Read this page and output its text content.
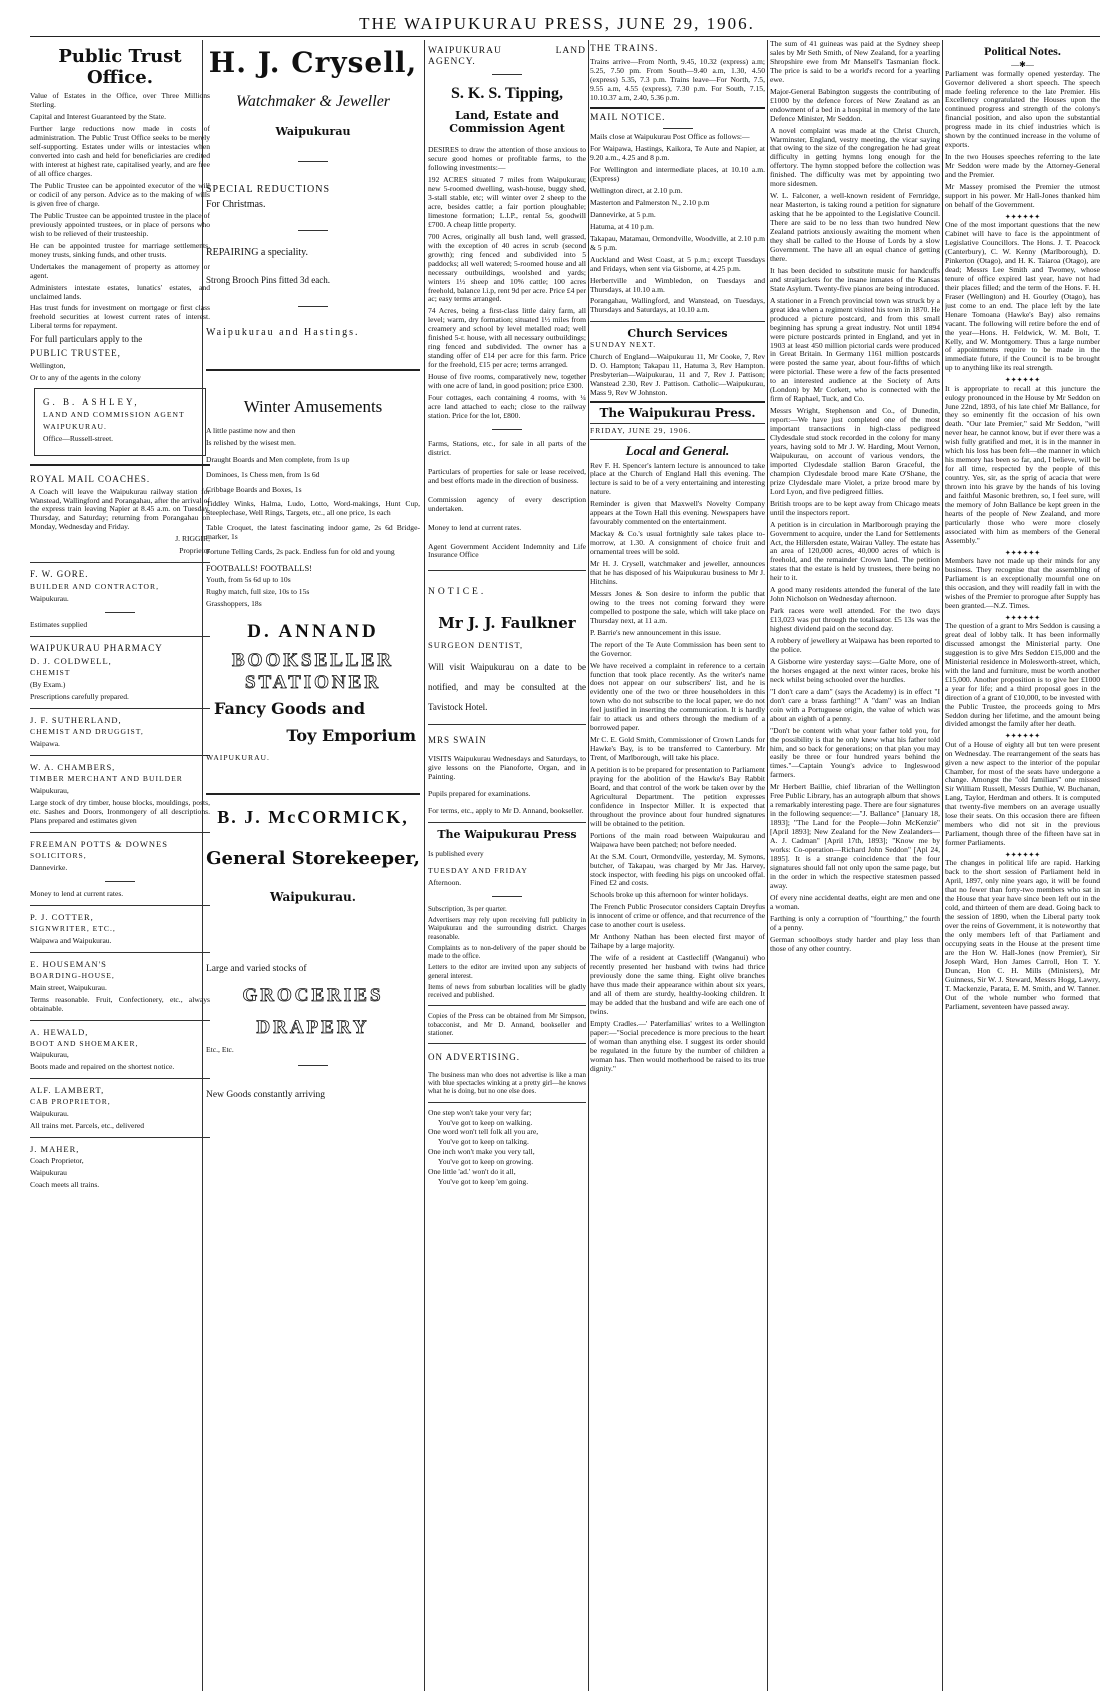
THE WAIPUKURAU PRESS, JUNE 29, 1906.
Public Trust Office.

Value of Estates in the Office, over Three Millions Sterling.

Capital and Interest Guaranteed by the State.

Further large reductions now made in costs of administration. The Public Trust Office seeks to be merely self-supporting. Estates under wills or intestacies when converted into cash and held for beneficiaries are credited with interest at highest rate, capitalised yearly, and are free of all office charges.

The Public Trustee can be appointed executor of the will or codicil of any person. Advice as to the making of wills is given free of charge.

The Public Trustee can be appointed trustee in the place of previously appointed trustees, or in place of persons who wish to be relieved of their trusteeship.

He can be appointed trustee for marriage settlements, money trusts, sinking funds, and other trusts.

Undertakes the management of property as attorney or agent.

Administers intestate estates, lunatics' estates, and unclaimed lands.

Has trust funds for investment on mortgage or first class freehold securities at lowest current rates of interest. Liberal terms for repayment.

For full particulars apply to the

PUBLIC TRUSTEE,

Wellington,

Or to any of the agents in the colony

G. B. ASHLEY,

LAND AND COMMISSION AGENT

WAIPUKURAU.

Office—Russell-street.

ROYAL MAIL COACHES.

A Coach will leave the Waipukurau railway station for Wanstead, Wallingford and Porangahau, after the arrival of the express train leaving Napier at 8.45 a.m. on Tuesday, Thursday, and Saturday; returning from Porangahau on Monday, Wednesday and Friday.

J. RIGGIR,

Proprietor

F. W. GORE.

BUILDER AND CONTRACTOR,

Waipukurau.

Estimates supplied

WAIPUKURAU PHARMACY

D. J. COLDWELL,

CHEMIST

(By Exam.)

Prescriptions carefully prepared.

J. F. SUTHERLAND,

CHEMIST AND DRUGGIST,

Waipawa.

W. A. CHAMBERS,

TIMBER MERCHANT AND BUILDER

Waipukurau,

Large stock of dry timber, house blocks, mouldings, posts, etc. Sashes and Doors, Ironmongery of all descriptions. Plans prepared and estimates given

FREEMAN POTTS & DOWNES

SOLICITORS,

Dannevirke.

Money to lend at current rates.

P. J. COTTER,

SIGNWRITER, ETC.,

Waipawa and Waipukurau.

E. HOUSEMAN'S

BOARDING-HOUSE,

Main street, Waipukurau.

Terms reasonable. Fruit, Confectionery, etc., always obtainable.

A. HEWALD,

BOOT AND SHOEMAKER,

Waipukurau,

Boots made and repaired on the shortest notice.

ALF. LAMBERT,

CAB PROPRIETOR,

Waipukurau.

All trains met. Parcels, etc., delivered

J. MAHER,

Coach Proprietor,

Waipukurau

Coach meets all trains.

H. J. Crysell,
Watchmaker & Jeweller
Waipukurau

SPECIAL REDUCTIONS

For Christmas.

REPAIRING a speciality.

Strong Brooch Pins fitted 3d each.

Waipukurau and Hastings.

Winter Amusements

A little pastime now and then

Is relished by the wisest men.

Draught Boards and Men complete, from 1s up

Dominoes, 1s Chess men, from 1s 6d

Cribbage Boards and Boxes, 1s

Tiddley Winks, Halma, Ludo, Lotto, Word-makings, Hunt Cup, Steeplechase, Well Rings, Targets, etc., all one price, 1s each

Table Croquet, the latest fascinating indoor game, 2s 6d Bridge-marker, 1s

Fortune Telling Cards, 2s pack. Endless fun for old and young

FOOTBALLS! FOOTBALLS!

Youth, from 5s 6d up to 10s

Rugby match, full size, 10s to 15s

Grasshoppers, 18s

D. ANNAND
BOOKSELLER
STATIONER
Fancy Goods and
Toy Emporium

WAIPUKURAU.

B. J. McCORMICK,
General Storekeeper,
Waipukurau.

Large and varied stocks of

GROCERIES
DRAPERY

Etc., Etc.

New Goods constantly arriving

WAIPUKURAU LAND AGENCY.

S. K. S. Tipping,
Land, Estate and Commission Agent

DESIRES to draw the attention of those anxious to secure good homes or profitable farms, to the following investments:—

192 ACRES situated 7 miles from Waipukurau; new 5-roomed dwelling, wash-house, buggy shed, 3-stall stable, etc; will winter over 2 sheep to the acre, besides cattle; a fair portion ploughable; limestone formation; L.I.P., rental 5s, goodwill £700. A cheap little property.

700 Acres, originally all bush land, well grassed, with the exception of 40 acres in scrub (second growth); ring fenced and subdivided into 5 paddocks; all well watered; 5-roomed house and all necessary outbuildings, woolshed and yards; winters 1½ sheep and 10% cattle; 100 acres freehold, balance l.i.p, rent 9d per acre. Price £4 per ac; easy terms arranged.

74 Acres, being a first-class little dairy farm, all level; warm, dry formation; situated 1½ miles from creamery and school by level metalled road; well finished 5-r. house, with all necessary outbuildings; ring fenced and subdivided. The owner has a standing offer of £14 per acre for this farm. Price for the freehold, £15 per acre; terms arranged.

House of five rooms, comparatively new, together with one acre of land, in good position; price £300.

Four cottages, each containing 4 rooms, with ¼ acre land attached to each; close to the railway station. Price for the lot, £800.

Farms, Stations, etc., for sale in all parts of the district.

Particulars of properties for sale or lease received, and best efforts made in the direction of business.

Commission agency of every description undertaken.

Money to lend at current rates.

Agent Government Accident Indemnity and Life Insurance Office

NOTICE.

Mr J. J. Faulkner

SURGEON DENTIST,

Will visit Waipukurau on a date to be notified, and may be consulted at the Tavistock Hotel.

MRS SWAIN

VISITS Waipukurau Wednesdays and Saturdays, to give lessons on the Pianoforte, Organ, and in Painting.

Pupils prepared for examinations.

For terms, etc., apply to Mr D. Annand, bookseller.

The Waipukurau Press

Is published every

TUESDAY AND FRIDAY

Afternoon.

Subscription, 3s per quarter.

Advertisers may rely upon receiving full publicity in Waipukurau and the surrounding district. Charges reasonable.

Complaints as to non-delivery of the paper should be made to the office.

Letters to the editor are invited upon any subjects of general interest.

Items of news from suburban localities will be gladly received and published.

Copies of the Press can be obtained from Mr Simpson, tobacconist, and Mr D. Annand, bookseller and stationer.

ON ADVERTISING.

The business man who does not advertise is like a man with blue spectacles winking at a pretty girl—he knows what he is doing, but no one else does.

One step won't take your very far;

You've got to keep on walking.

One word won't tell folk all you are,

You've got to keep on talking.

One inch won't make you very tall,

You've got to keep on growing.

One little 'ad.' won't do it all,

You've got to keep 'em going.

THE TRAINS.

Trains arrive—From North, 9.45, 10.32 (express) a.m; 5.25, 7.50 pm. From South—9.40 a.m, 1.30, 4.50 (express) 5.35, 7.3 p.m. Trains leave—For North, 7.5, 9.55 a.m, 4.55 (express), 7.30 p.m. For South, 7.15, 10.10.37 a.m, 2.40, 5.36 p.m.

MAIL NOTICE.

Mails close at Waipukurau Post Office as follows:—

For Waipawa, Hastings, Kaikora, Te Aute and Napier, at 9.20 a.m., 4.25 and 8 p.m.

For Wellington and intermediate places, at 10.10 a.m. (Express)

Wellington direct, at 2.10 p.m.

Masterton and Palmerston N., 2.10 p.m

Dannevirke, at 5 p.m.

Hatuma, at 4 10 p.m.

Takapau, Matamau, Ormondville, Woodville, at 2.10 p.m & 5 p.m.

Auckland and West Coast, at 5 p.m.; except Tuesdays and Fridays, when sent via Gisborne, at 4.25 p.m.

Herbertville and Wimbledon, on Tuesdays and Thursdays, at 10.10 a.m.

Porangahau, Wallingford, and Wanstead, on Tuesdays, Thursdays and Saturdays, at 10.10 a.m.

Church Services

SUNDAY NEXT.

Church of England—Waipukurau 11, Mr Cooke, 7, Rev D. O. Hampton; Takapau 11, Hatuma 3, Rev Hampton. Presbyterian—Waipukurau, 11 and 7, Rev J. Pattison; Wanstead 2.30, Rev J. Pattison. Catholic—Waipukurau, Mass 9, Rev W Johnston.

The Waipukurau Press.

FRIDAY, JUNE 29, 1906.

Local and General.

Rev F. H. Spencer's lantern lecture is announced to take place at the Church of England Hall this evening. The lecture is said to be of a very entertaining and interesting nature.

Reminder is given that Maxwell's Novelty Company appears at the Town Hall this evening. Newspapers have favourably commented on the entertainment.

Mackay & Co.'s usual fortnightly sale takes place to-morrow, at 1.30. A consignment of choice fruit and ornamental trees will be sold.

Mr H. J. Crysell, watchmaker and jeweller, announces that he has disposed of his Waipukurau business to Mr J. Hitchins.

Messrs Jones & Son desire to inform the public that owing to the trees not coming forward they were compelled to postpone the sale, which will take place on Thursday next, at 11 a.m.

P. Barrie's new announcement in this issue.

The report of the Te Aute Commission has been sent to the Governor.

We have received a complaint in reference to a certain function that took place recently. As the writer's name does not appear on our subscribers' list, and he is evidently one of the two or three householders in this town who do not subscribe to the local paper, we do not feel justified in inserting the communication. It is hardly fair to attack us and others through the medium of a borrowed paper.

Mr C. E. Gold Smith, Commissioner of Crown Lands for Hawke's Bay, is to be transferred to Canterbury. Mr Trent, of Marlborough, will take his place.

A petition is to be prepared for presentation to Parliament praying for the abolition of the Hawke's Bay Rabbit Board, and that control of the work be taken over by the Agricultural Department. The petition expresses confidence in Inspector Miller. It is expected that throughout the province about four hundred signatures will be obtained to the petition.

Portions of the main road between Waipukurau and Waipawa have been patched; not before needed.

At the S.M. Court, Ormondville, yesterday, M. Symons, butcher, of Takapau, was charged by Mr Jas. Harvey, stock inspector, with feeding his pigs on uncooked offal. Fined £2 and costs.

Schools broke up this afternoon for winter holidays.

The French Public Prosecutor considers Captain Dreyfus is innocent of crime or offence, and that recurrence of the case to another court is useless.

Mr Anthony Nathan has been elected first mayor of Taihape by a large majority.

The wife of a resident at Castlecliff (Wanganui) who recently presented her husband with twins had thrice previously done the same thing. Eight olive branches have thus made their appearance within about six years, and all of them are sturdy, healthy-looking children. It may be added that the husband and wife are each one of twins.

Empty Cradles.—' Paterfamilias' writes to a Wellington paper:—"Social precedence is more precious to the heart of woman than anything else. I suggest its order should be regulated in the future by the number of children a woman has. Then would motherhood be raised to its true dignity."

The sum of 41 guineas was paid at the Sydney sheep sales by Mr Seth Smith, of New Zealand, for a yearling Shropshire ewe from Mr Mansell's Tasmanian flock. The price is said to be a world's record for a yearling ewe.

Major-General Babington suggests the contributing of £1000 by the defence forces of New Zealand as an endowment of a bed in a hospital in memory of the late Defence Minister, Mr Seddon.

A novel complaint was made at the Christ Church, Warminster, England, vestry meeting, the vicar saying that owing to the size of the congregation he had great difficulty in getting hymns long enough for the offertory. The hymn stopped before the collection was finished. The difficulty was met by appointing two more sidesmen.

W. L. Falconer, a well-known resident of Fernridge, near Masterton, is taking round a petition for signature asking that he be appointed to the Legislative Council. There are said to be no less than two hundred New Zealand patriots anxiously awaiting the moment when they shall be called to the House of Lords by a slow Government. The have all an equal chance of getting there.

It has been decided to substitute music for handcuffs and straitjackets for the insane inmates of the Kansas State Asylum. Twenty-five pianos are being introduced.

A stationer in a French provincial town was struck by a great idea when a regiment visited his town in 1870. He produced a picture postcard, and from this small beginning has sprung a great industry. Not until 1894 were picture postcards printed in England, and yet in 1903 at least 450 million pictorial cards were produced in Great Britain. In Germany 1161 million postcards were posted the same year, about four-fifths of which were pictorial. These were a few of the facts presented to an interested audience at the Society of Arts (London) by Mr Corkett, who is connected with the firm of Raphael, Tuck, and Co.

Messrs Wright, Stephenson and Co., of Dunedin, report:—We have just completed one of the most important transactions in high-class pedigreed Clydesdale stud stock recorded in the colony for many years, having sold to Mr J. W. Harding, Mout Vernon, Waipukurau, on account of various vendors, the imported Clydesdale stallion Baron Graceful, the champion Clydesdale brood mare Kate O'Shane, the prize Clydesdale mare Violet, a prize brood mare by Lord Lyon, and five pedigreed fillies.

British troops are to be kept away from Chicago meats until the inspectors report.

A petition is in circulation in Marlborough praying the Government to acquire, under the Land for Settlements Act, the Hillersden estate, Wairau Valley. The estate has an area of 120,000 acres, 40,000 acres of which is freehold, and the remainder Crown land. The petition states that the estate is held by trustees, there being no heir to it.

A good many residents attended the funeral of the late John Nicholson on Wednesday afternoon.

Park races were well attended. For the two days £13,023 was put through the totalisator. £5 13s was the highest dividend paid on the second day.

A robbery of jewellery at Waipawa has been reported to the police.

A Gisborne wire yesterday says:—Galte More, one of the horses engaged at the next winter races, broke his neck whilst being schooled over the hurdles.

"I don't care a dam" (says the Academy) is in effect "I don't care a brass farthing!" A "dam" was an Indian coin with a Portuguese origin, the value of which was about an eighth of a penny.

"Don't be content with what your father told you, for the possibility is that he only knew what his father told him, and so back for generations; on that plan you may easily be three or four hundred years behind the times."—Captain Young's advice to Ingleswood farmers.

Mr Herbert Baillie, chief librarian of the Wellington Free Public Library, has an autograph album that shows a remarkably interesting page. There are four signatures in the following sequence:—"J. Ballance" [January 18, 1893]; "The Land for the People—John McKenzie" [April 1893]; New Zealand for the New Zealanders—A. J. Cadman" [April 17th, 1893]; "Know me by works: Co-operation—Richard John Seddon" [Apl 24, 1895]. It is a strange coincidence that the four signatures should fall not only upon the same page, but in the order in which the respective statesmen passed away.

Of every nine accidental deaths, eight are men and one a woman.

Farthing is only a corruption of "fourthing," the fourth of a penny.

German schoolboys study harder and play less than those of any other country.

Political Notes.
—✱—

Parliament was formally opened yesterday. The Governor delivered a short speech. The speech made feeling reference to the late Premier. His Excellency congratulated the Houses upon the continued progress and strength of the colony's financial position, and also upon the substantial progress made in its chief industries which is shown by the continued increase in the volume of exports.

In the two Houses speeches referring to the late Mr Seddon were made by the Attorney-General and the Premier.

Mr Massey promised the Premier the utmost support in his power. Mr Hall-Jones thanked him on behalf of the Government.

✦✦✦✦✦✦

One of the most important questions that the new Cabinet will have to face is the appointment of Legislative Councillors. The Hons. J. T. Peacock (Canterbury), C. W. Kenny (Marlborough), D. Pinkerton (Otago), and H. K. Taiaroa (Otago), are dead; Messrs Lee Smith and Twomey, whose tenure of office expired last year, have not had their places filled; and the term of the Hons. F. H. Fraser (Wellington) and H. Gourley (Otago), has just come to an end. The place left by the late Henare Tomoana (Hawke's Bay) also remains vacant. The following will retire before the end of the year—Hons. H. Feldwick, W. M. Bolt, T. Kelly, and W. Montgomery. Thus a large number of appointments require to be made in the immediate future, if the Council is to be brought up to anything like its real strength.

✦✦✦✦✦✦

It is appropriate to recall at this juncture the eulogy pronounced in the House by Mr Seddon on June 22nd, 1893, of his late chief Mr Ballance, for they so eminently fit the occasion of his own death. "Our late Premier," said Mr Seddon, "will never hear, he cannot know, but if ever there was a wish fully gratified and met, it is in the manner in which his loss has been felt—the manner in which his memory has been so far, and, I believe, will be for all time, respected by the people of this country. Yes, sir, as the sprig of acacia that were thrown into his grave by the hands of his loving and faithful Masonic brethren, so, I feel sure, will the memory of John Ballance be kept green in the hearts of the people of New Zealand, and more particularly those who were more closely associated with him as members of the General Assembly."

✦✦✦✦✦✦

Members have not made up their minds for any business. They recognise that the assembling of Parliament is an exceptionally mournful one on this occasion, and they will readily fall in with the wishes of the Premier to prorogue after Supply has been granted.—N.Z. Times.

✦✦✦✦✦✦

The question of a grant to Mrs Seddon is causing a great deal of lobby talk. It has been informally discussed amongst the Ministerial party. One suggestion is to give Mrs Seddon £15,000 and the Ministerial residence in Molesworth-street, which, with the land and furniture, must be worth another £15,000. Another proposition is to give her £1000 a year for life; and a third proposal goes in the direction of a grant of £10,000, to be invested with the Public Trustee, the proceeds going to Mrs Seddon during her lifetime, and the amount being divided amongst the family after her death.

✦✦✦✦✦✦

Out of a House of eighty all but ten were present on Wednesday. The rearrangement of the seats has given a new aspect to the interior of the popular Chamber, for most of the seats have undergone a change. Amongst the "old familiars" one missed Sir William Russell, Messrs Duthie, W. Buchanan, Lang, Taylor, Herdman and others. It is computed that twenty-five members on an average usually lose their seats. On this occasion there are fifteen members who did not sit in the previous Parliament, though three of the fifteen have sat in former Parliaments.

✦✦✦✦✦✦

The changes in political life are rapid. Harking back to the short session of Parliament held in April, 1897, only nine years ago, it will be found that no fewer than forty-two members who sat in the House that year have since been left out in the cold, and thirteen of them are dead. Going back to the session of 1890, when the Liberal party took over the reins of Government, it is noteworthy that the only members left of that Parliament and occupying seats in the House at the present time are the Hon W. Hall-Jones (now Premier), Sir Joseph Ward, Hon James Carroll, Hon T. Y. Duncan, Hon C. H. Mills (Ministers), Mr Guinness, Sir W. J. Steward, Messrs Hogg, Lawry, T. Mackenzie, Parata, E. M. Smith, and W. Tanner. Out of the whole number who formed that Parliament, seventeen have passed away.
